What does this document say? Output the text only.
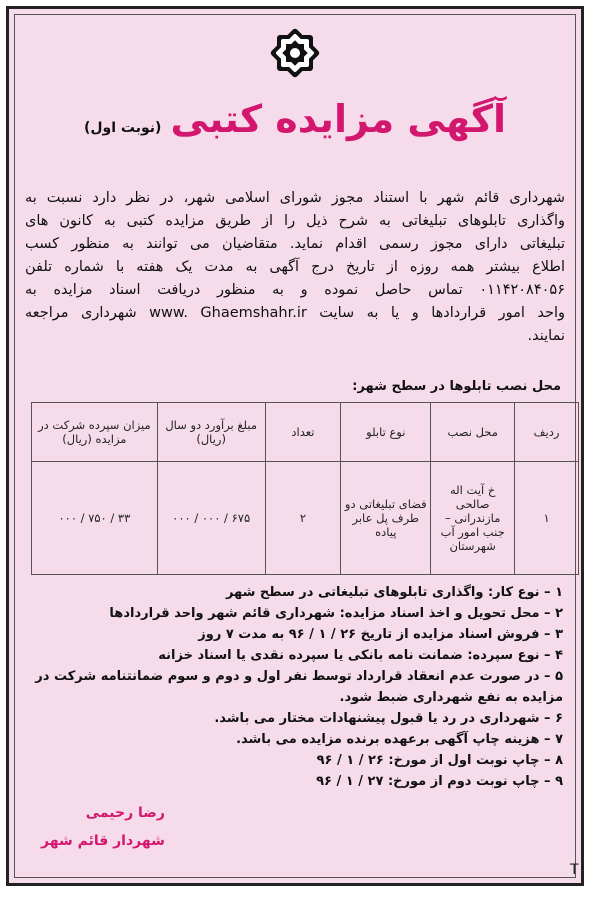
آگهی مزایده کتبی (نوبت اول)
شهرداری قائم شهر با استناد مجوز شورای اسلامی شهر، در نظر دارد نسبت به
واگذاری تابلوهای تبلیغاتی به شرح ذیل را از طریق مزایده کتبی به کانون های
تبلیغاتی دارای مجوز رسمی اقدام نماید. متقاضیان می توانند به منظور کسب
اطلاع بیشتر همه روزه از تاریخ درج آگهی به مدت یک هفته با شماره تلفن
۰۱۱۴۲۰۸۴۰۵۶ تماس حاصل نموده و به منظور دریافت اسناد مزایده به
واحد امور قراردادها و یا به سایت www. Ghaemshahr.ir شهرداری مراجعه
نمایند.
محل نصب تابلوها در سطح شهر:
ردیف	محل نصب	نوع تابلو	تعداد	مبلغ برآورد دو سال (ریال)	میزان سپرده شرکت در مزایده (ریال)
۱	خ آیت اله صالحی مازندرانی – جنب امور آب شهرستان	فضای تبلیغاتی دو طرف پل عابر پیاده	۲	۶۷۵ / ۰۰۰ / ۰۰۰	۳۳ / ۷۵۰ / ۰۰۰
۱ – نوع کار: واگذاری تابلوهای تبلیغاتی در سطح شهر
۲ – محل تحویل و اخذ اسناد مزایده: شهرداری قائم شهر واحد قراردادها
۳ – فروش اسناد مزایده از تاریخ ۲۶ / ۱ / ۹۶ به مدت ۷ روز
۴ – نوع سپرده: ضمانت نامه بانکی یا سپرده نقدی یا اسناد خزانه
۵ – در صورت عدم انعقاد قرارداد توسط نفر اول و دوم و سوم ضمانتنامه شرکت در
مزایده به نفع شهرداری ضبط شود.
۶ – شهرداری در رد یا قبول پیشنهادات مختار می باشد.
۷ – هزینه چاپ آگهی برعهده برنده مزایده می باشد.
۸ – چاپ نوبت اول از مورخ: ۲۶ / ۱ / ۹۶
۹ – چاپ نوبت دوم از مورخ: ۲۷ / ۱ / ۹۶
رضا رحیمی
شهردار قائم شهر
T
